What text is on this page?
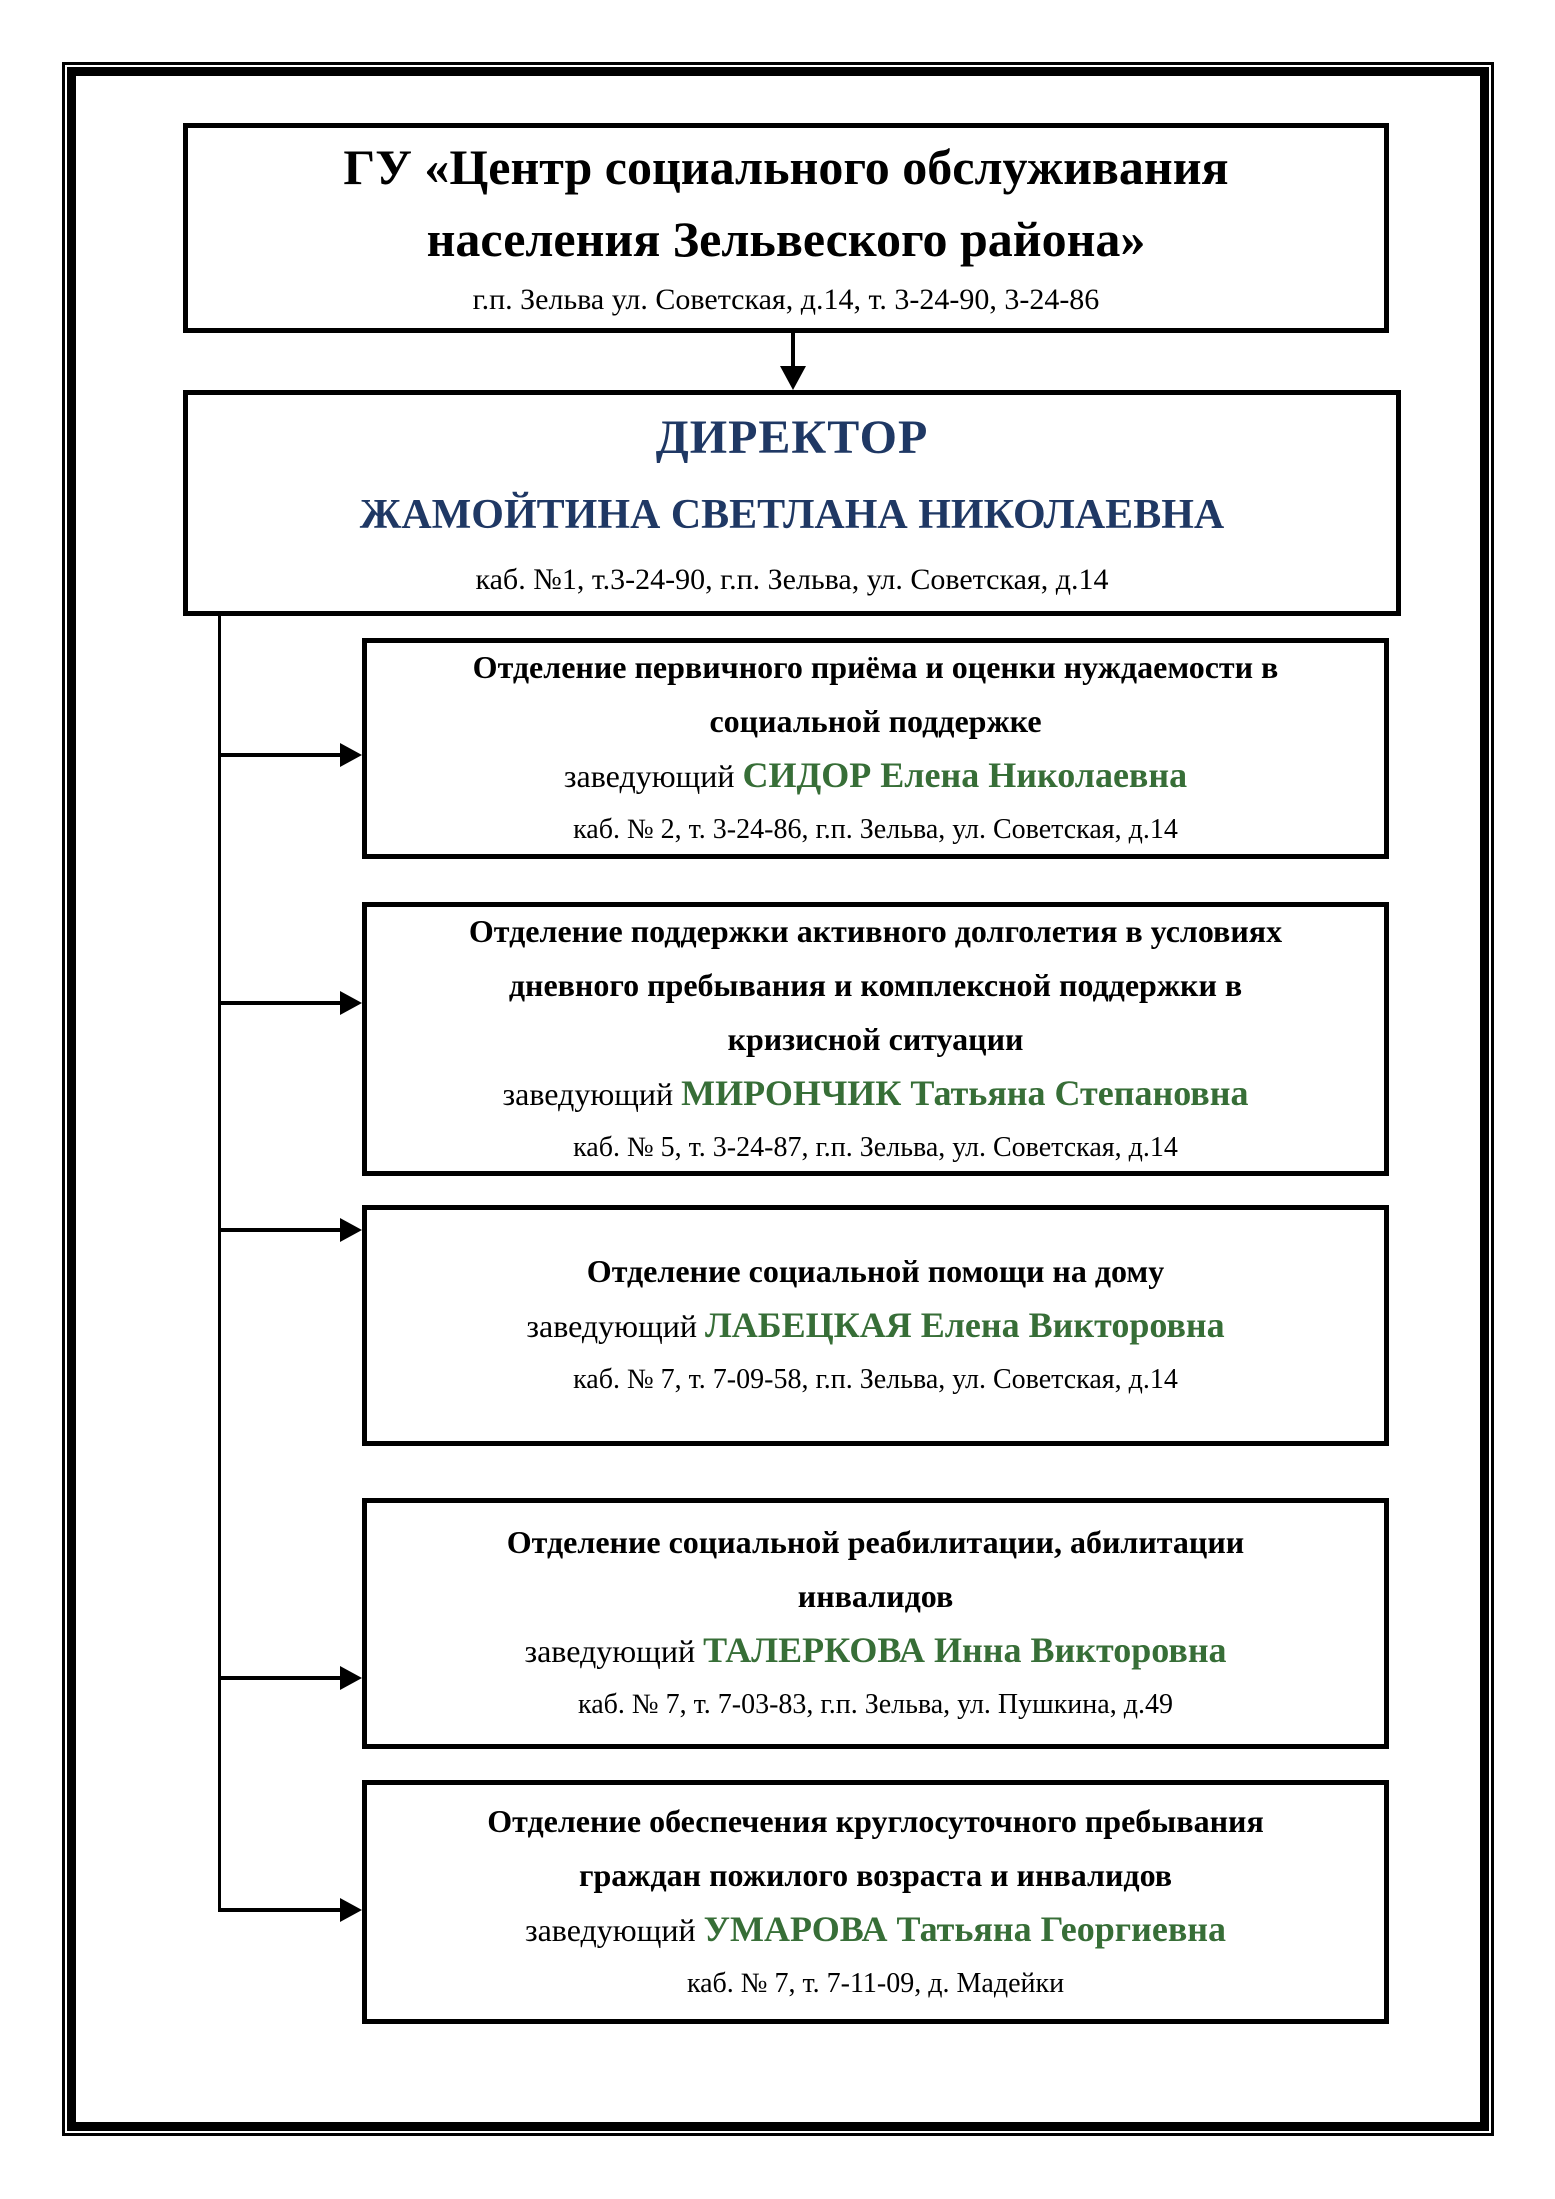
ГУ «Центр социального обслуживания
населения Зельвеского района»
г.п. Зельва ул. Советская, д.14, т. 3-24-90, 3-24-86
ДИРЕКТОР
ЖАМОЙТИНА СВЕТЛАНА НИКОЛАЕВНА
каб. №1, т.3-24-90, г.п. Зельва, ул. Советская, д.14
Отделение первичного приёма и оценки нуждаемости в
социальной поддержке
заведующий СИДОР Елена Николаевна
каб. № 2, т. 3-24-86, г.п. Зельва, ул. Советская, д.14
Отделение поддержки активного долголетия в условиях
дневного пребывания и комплексной поддержки в
кризисной ситуации
заведующий МИРОНЧИК Татьяна Степановна
каб. № 5, т. 3-24-87, г.п. Зельва, ул. Советская, д.14
Отделение социальной помощи на дому
заведующий ЛАБЕЦКАЯ Елена Викторовна
каб. № 7, т. 7-09-58, г.п. Зельва, ул. Советская, д.14
Отделение социальной реабилитации, абилитации
инвалидов
заведующий ТАЛЕРКОВА Инна Викторовна
каб. № 7, т. 7-03-83, г.п. Зельва, ул. Пушкина, д.49
Отделение обеспечения круглосуточного пребывания
граждан пожилого возраста и инвалидов
заведующий УМАРОВА Татьяна Георгиевна
каб. № 7, т. 7-11-09, д. Мадейки
